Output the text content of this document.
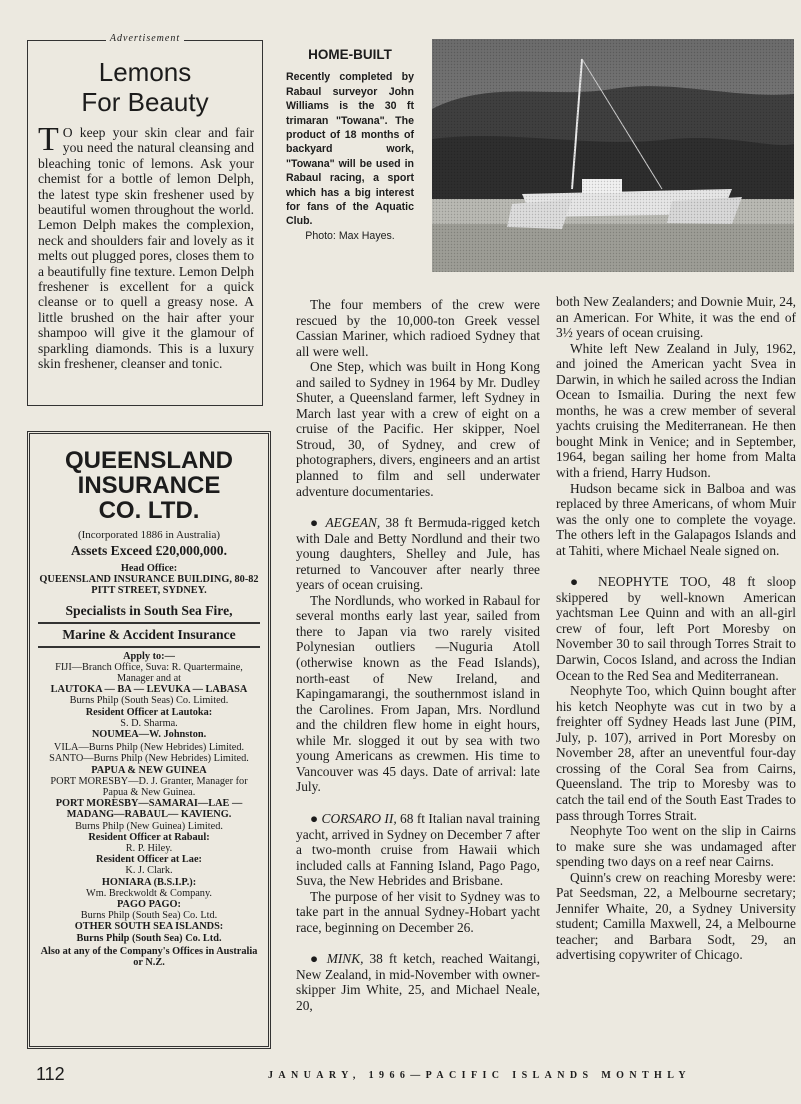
Advertisement
Lemons
For Beauty
T O keep your skin clear and fair you need the natural cleansing and bleaching tonic of lemons. Ask your chemist for a bottle of lemon Delph, the latest type skin freshener used by beautiful women throughout the world. Lemon Delph makes the complexion, neck and shoulders fair and lovely as it melts out plugged pores, closes them to a beautifully fine texture. Lemon Delph freshener is excellent for a quick cleanse or to quell a greasy nose. A little brushed on the hair after your shampoo will give it the glamour of sparkling diamonds. This is a luxury skin freshener, cleanser and tonic.
QUEENSLAND
INSURANCE
CO. LTD.
(Incorporated 1886 in Australia)
Assets Exceed £20,000,000.
Head Office:
QUEENSLAND INSURANCE BUILDING, 80-82 PITT STREET, SYDNEY.
Specialists in South Sea Fire,
Marine & Accident Insurance
Apply to:—
FIJI—Branch Office, Suva: R. Quartermaine, Manager and at
LAUTOKA — BA — LEVUKA — LABASA
Burns Philp (South Seas) Co. Limited.
Resident Officer at Lautoka:
S. D. Sharma.
NOUMEA—W. Johnston.
VILA—Burns Philp (New Hebrides) Limited.
SANTO—Burns Philp (New Hebrides) Limited.
PAPUA & NEW GUINEA
PORT MORESBY—D. J. Granter, Manager for Papua & New Guinea.
PORT MORESBY—SAMARAI—LAE —MADANG—RABAUL— KAVIENG.
Burns Philp (New Guinea) Limited.
Resident Officer at Rabaul:
R. P. Hiley.
Resident Officer at Lae:
K. J. Clark.
HONIARA (B.S.I.P.):
Wm. Breckwoldt & Company.
PAGO PAGO:
Burns Philp (South Sea) Co. Ltd.
OTHER SOUTH SEA ISLANDS:
Burns Philp (South Sea) Co. Ltd.
Also at any of the Company's Offices in Australia or N.Z.
HOME-BUILT
Recently completed by Rabaul surveyor John Williams is the 30 ft trimaran "Towana". The product of 18 months of backyard work, "Towana" will be used in Rabaul racing, a sport which has a big interest for fans of the Aquatic Club.
Photo: Max Hayes.

The four members of the crew were rescued by the 10,000-ton Greek vessel Cassian Mariner, which radioed Sydney that all were well.

One Step, which was built in Hong Kong and sailed to Sydney in 1964 by Mr. Dudley Shuter, a Queensland farmer, left Sydney in March last year with a crew of eight on a cruise of the Pacific. Her skipper, Noel Stroud, 30, of Sydney, and crew of photographers, divers, engineers and an artist planned to film and sell underwater adventure documentaries.

● AEGEAN, 38 ft Bermuda-rigged ketch with Dale and Betty Nordlund and their two young daughters, Shelley and Jule, has returned to Vancouver after nearly three years of ocean cruising.

The Nordlunds, who worked in Rabaul for several months early last year, sailed from there to Japan via two rarely visited Polynesian outliers —Nuguria Atoll (otherwise known as the Fead Islands), north-east of New Ireland, and Kapingamarangi, the southernmost island in the Carolines. From Japan, Mrs. Nordlund and the children flew home in eight hours, while Mr. slogged it out by sea with two young Americans as crewmen. His time to Vancouver was 45 days. Date of arrival: late July.

● CORSARO II, 68 ft Italian naval training yacht, arrived in Sydney on December 7 after a two-month cruise from Hawaii which included calls at Fanning Island, Pago Pago, Suva, the New Hebrides and Brisbane.

The purpose of her visit to Sydney was to take part in the annual Sydney-Hobart yacht race, beginning on December 26.

● MINK, 38 ft ketch, reached Waitangi, New Zealand, in mid-November with owner-skipper Jim White, 25, and Michael Neale, 20,

both New Zealanders; and Downie Muir, 24, an American. For White, it was the end of 3½ years of ocean cruising.

White left New Zealand in July, 1962, and joined the American yacht Svea in Darwin, in which he sailed across the Indian Ocean to Ismailia. During the next few months, he was a crew member of several yachts cruising the Mediterranean. He then bought Mink in Venice; and in September, 1964, began sailing her home from Malta with a friend, Harry Hudson.

Hudson became sick in Balboa and was replaced by three Americans, of whom Muir was the only one to complete the voyage. The others left in the Galapagos Islands and at Tahiti, where Michael Neale signed on.

● NEOPHYTE TOO, 48 ft sloop skippered by well-known American yachtsman Lee Quinn and with an all-girl crew of four, left Port Moresby on November 30 to sail through Torres Strait to Darwin, Cocos Island, and across the Indian Ocean to the Red Sea and Mediterranean.

Neophyte Too, which Quinn bought after his ketch Neophyte was cut in two by a freighter off Sydney Heads last June (PIM, July, p. 107), arrived in Port Moresby on November 28, after an uneventful four-day crossing of the Coral Sea from Cairns, Queensland. The trip to Moresby was to catch the tail end of the South East Trades to pass through Torres Strait.

Neophyte Too went on the slip in Cairns to make sure she was undamaged after spending two days on a reef near Cairns.

Quinn's crew on reaching Moresby were: Pat Seedsman, 22, a Melbourne secretary; Jennifer Whaite, 20, a Sydney University student; Camilla Maxwell, 24, a Melbourne teacher; and Barbara Sodt, 29, an advertising copywriter of Chicago.

112	JANUARY, 1966—PACIFIC ISLANDS MONTHLY
